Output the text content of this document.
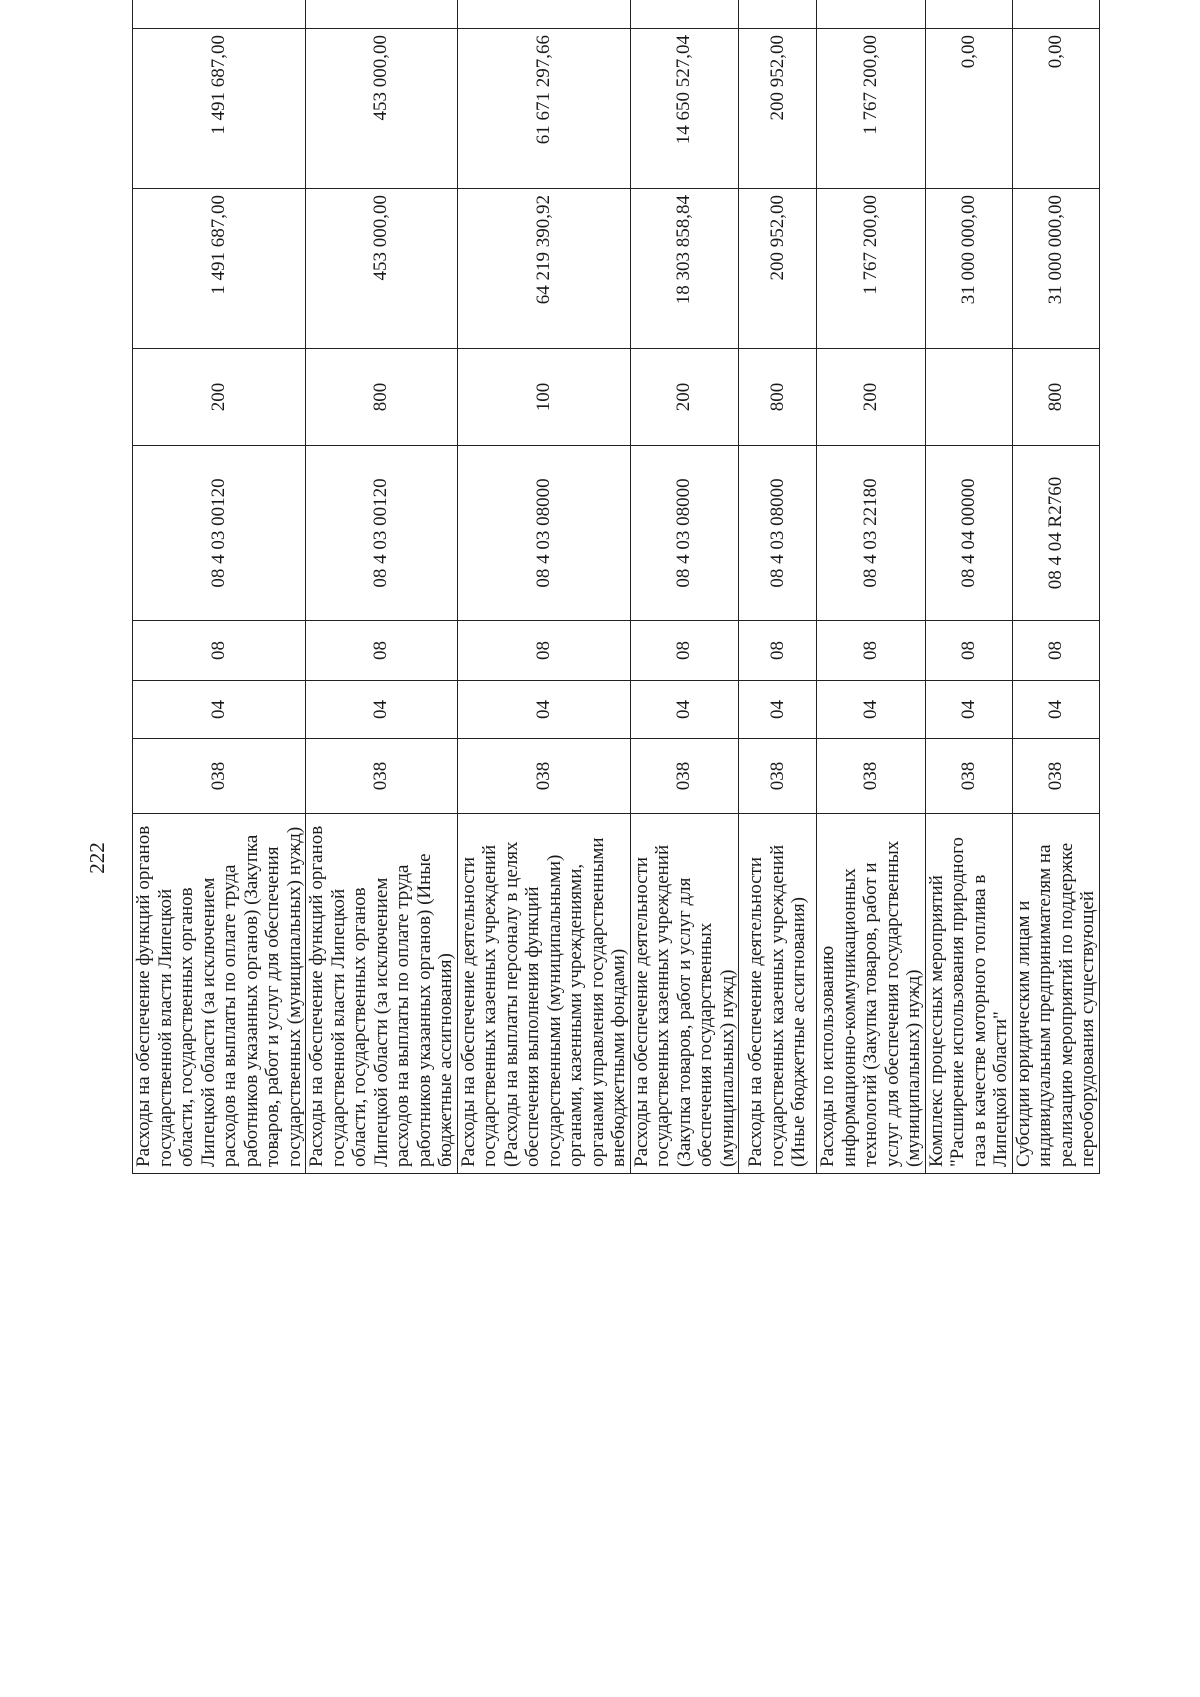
222 Расходы на обеспечение функций органов государственной власти Липецкой области, государственных органов Липецкой области (за исключением расходов на выплаты по оплате труда работников указанных органов) (Закупка товаров, работ и услуг для обеспечения государственных (муниципальных) нужд)	038	04	08	08 4 03 00120	200	1 491 687,00	1 491 687,00	
Расходы на обеспечение функций органов государственной власти Липецкой области, государственных органов Липецкой области (за исключением расходов на выплаты по оплате труда работников указанных органов) (Иные бюджетные ассигнования)	038	04	08	08 4 03 00120	800	453 000,00	453 000,00	
Расходы на обеспечение деятельности государственных казенных учреждений (Расходы на выплаты персоналу в целях обеспечения выполнения функций государственными (муниципальными) органами, казенными учреждениями, органами управления государственными внебюджетными фондами)	038	04	08	08 4 03 08000	100	64 219 390,92	61 671 297,66	
Расходы на обеспечение деятельности государственных казенных учреждений (Закупка товаров, работ и услуг для обеспечения государственных (муниципальных) нужд)	038	04	08	08 4 03 08000	200	18 303 858,84	14 650 527,04	
Расходы на обеспечение деятельности государственных казенных учреждений (Иные бюджетные ассигнования)	038	04	08	08 4 03 08000	800	200 952,00	200 952,00	
Расходы по использованию информационно-коммуникационных технологий (Закупка товаров, работ и услуг для обеспечения государственных (муниципальных) нужд)	038	04	08	08 4 03 22180	200	1 767 200,00	1 767 200,00	
Комплекс процессных мероприятий "Расширение использования природного газа в качестве моторного топлива в Липецкой области"	038	04	08	08 4 04 00000		31 000 000,00	0,00	
Субсидии юридическим лицам и индивидуальным предпринимателям на реализацию мероприятий по поддержке переоборудования существующей	038	04	08	08 4 04 R2760	800	31 000 000,00	0,00	
